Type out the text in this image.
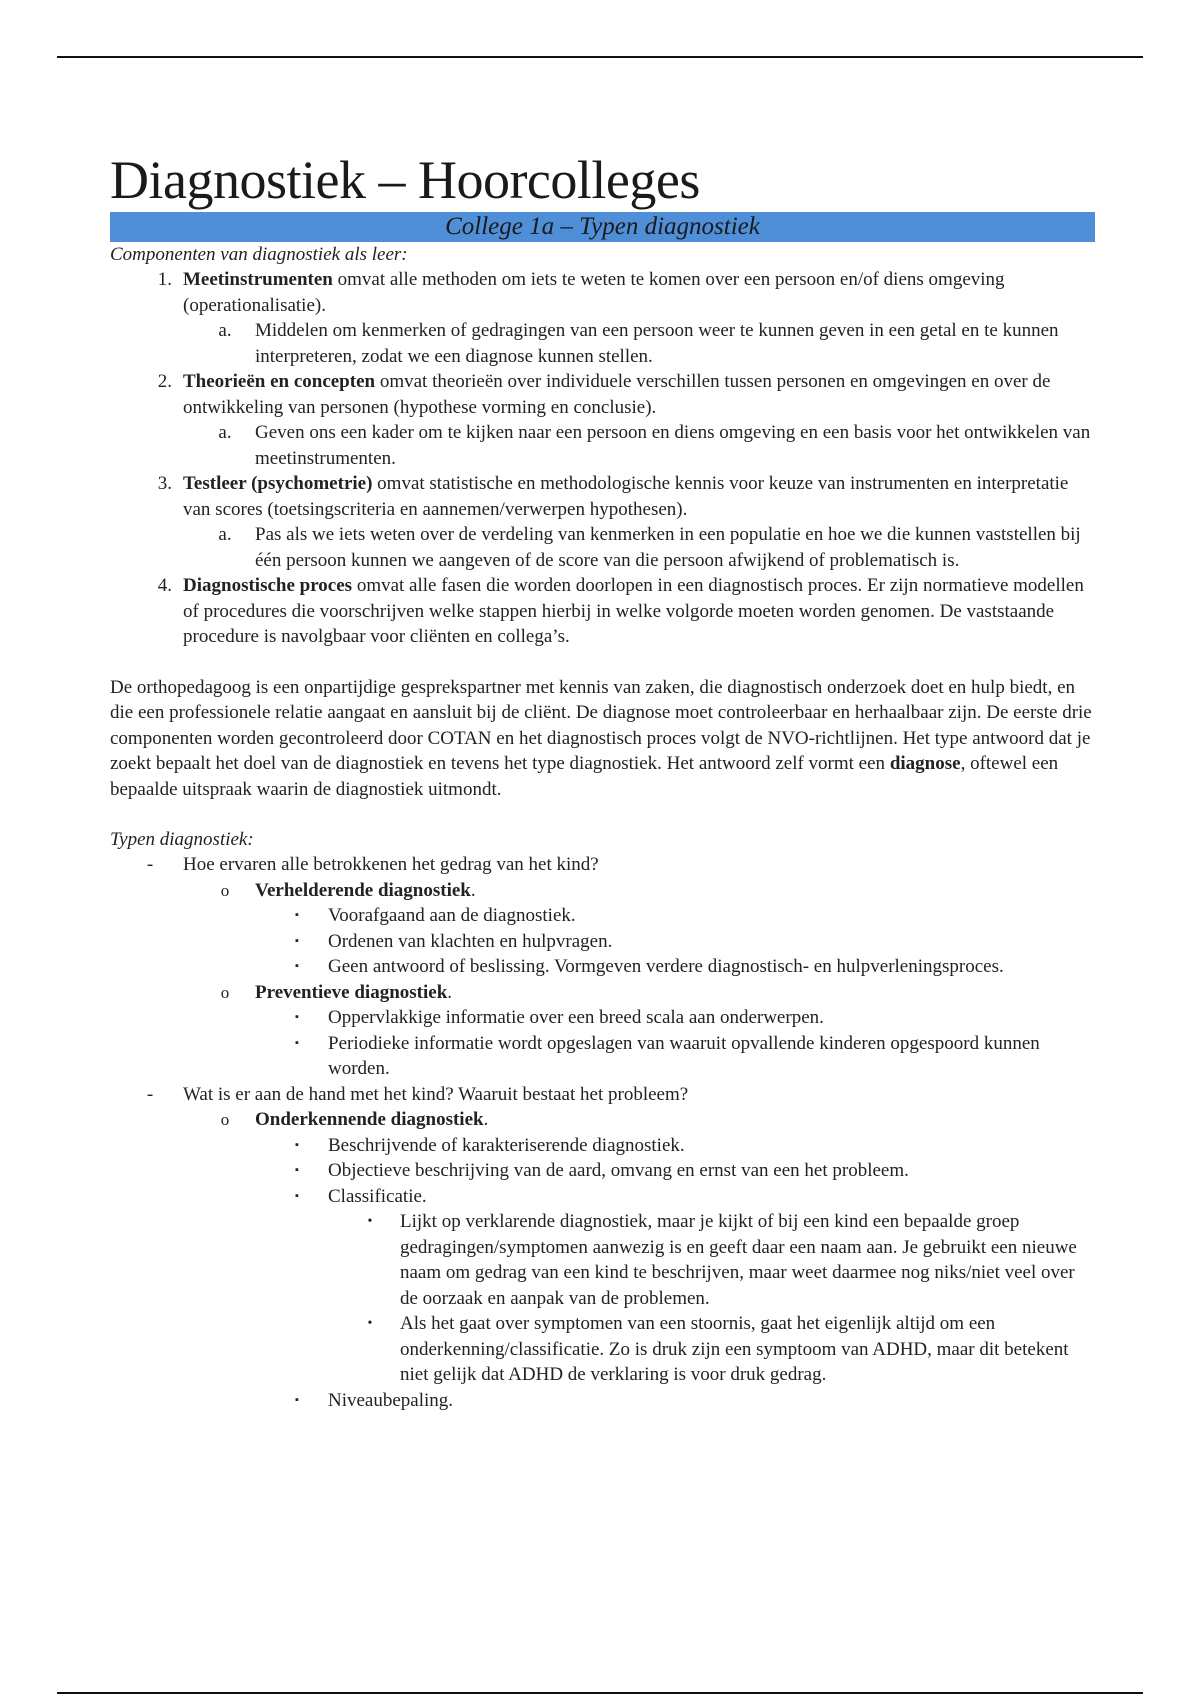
Diagnostiek – Hoorcolleges
College 1a – Typen diagnostiek
Componenten van diagnostiek als leer:
1. Meetinstrumenten omvat alle methoden om iets te weten te komen over een persoon en/of diens omgeving (operationalisatie).
a.	Middelen om kenmerken of gedragingen van een persoon weer te kunnen geven in een getal en te kunnen interpreteren, zodat we een diagnose kunnen stellen.
2. Theorieën en concepten omvat theorieën over individuele verschillen tussen personen en omgevingen en over de ontwikkeling van personen (hypothese vorming en conclusie).
a.	Geven ons een kader om te kijken naar een persoon en diens omgeving en een basis voor het ontwikkelen van meetinstrumenten.
3. Testleer (psychometrie) omvat statistische en methodologische kennis voor keuze van instrumenten en interpretatie van scores (toetsingscriteria en aannemen/verwerpen hypothesen).
a.	Pas als we iets weten over de verdeling van kenmerken in een populatie en hoe we die kunnen vaststellen bij één persoon kunnen we aangeven of de score van die persoon afwijkend of problematisch is.
4. Diagnostische proces omvat alle fasen die worden doorlopen in een diagnostisch proces. Er zijn normatieve modellen of procedures die voorschrijven welke stappen hierbij in welke volgorde moeten worden genomen. De vaststaande procedure is navolgbaar voor cliënten en collega’s.

De orthopedagoog is een onpartijdige gesprekspartner met kennis van zaken, die diagnostisch onderzoek doet en hulp biedt, en die een professionele relatie aangaat en aansluit bij de cliënt. De diagnose moet controleerbaar en herhaalbaar zijn. De eerste drie componenten worden gecontroleerd door COTAN en het diagnostisch proces volgt de NVO-richtlijnen. Het type antwoord dat je zoekt bepaalt het doel van de diagnostiek en tevens het type diagnostiek. Het antwoord zelf vormt een diagnose, oftewel een bepaalde uitspraak waarin de diagnostiek uitmondt.

Typen diagnostiek:
-	Hoe ervaren alle betrokkenen het gedrag van het kind?
o	Verhelderende diagnostiek.
▪	Voorafgaand aan de diagnostiek.
▪	Ordenen van klachten en hulpvragen.
▪	Geen antwoord of beslissing. Vormgeven verdere diagnostisch- en hulpverleningsproces.
o	Preventieve diagnostiek.
▪	Oppervlakkige informatie over een breed scala aan onderwerpen.
▪	Periodieke informatie wordt opgeslagen van waaruit opvallende kinderen opgespoord kunnen worden.
-	Wat is er aan de hand met het kind? Waaruit bestaat het probleem?
o	Onderkennende diagnostiek.
▪	Beschrijvende of karakteriserende diagnostiek.
▪	Objectieve beschrijving van de aard, omvang en ernst van een het probleem.
▪	Classificatie.
•	Lijkt op verklarende diagnostiek, maar je kijkt of bij een kind een bepaalde groep gedragingen/symptomen aanwezig is en geeft daar een naam aan. Je gebruikt een nieuwe naam om gedrag van een kind te beschrijven, maar weet daarmee nog niks/niet veel over de oorzaak en aanpak van de problemen.
•	Als het gaat over symptomen van een stoornis, gaat het eigenlijk altijd om een onderkenning/classificatie. Zo is druk zijn een symptoom van ADHD, maar dit betekent niet gelijk dat ADHD de verklaring is voor druk gedrag.
▪	Niveaubepaling.
